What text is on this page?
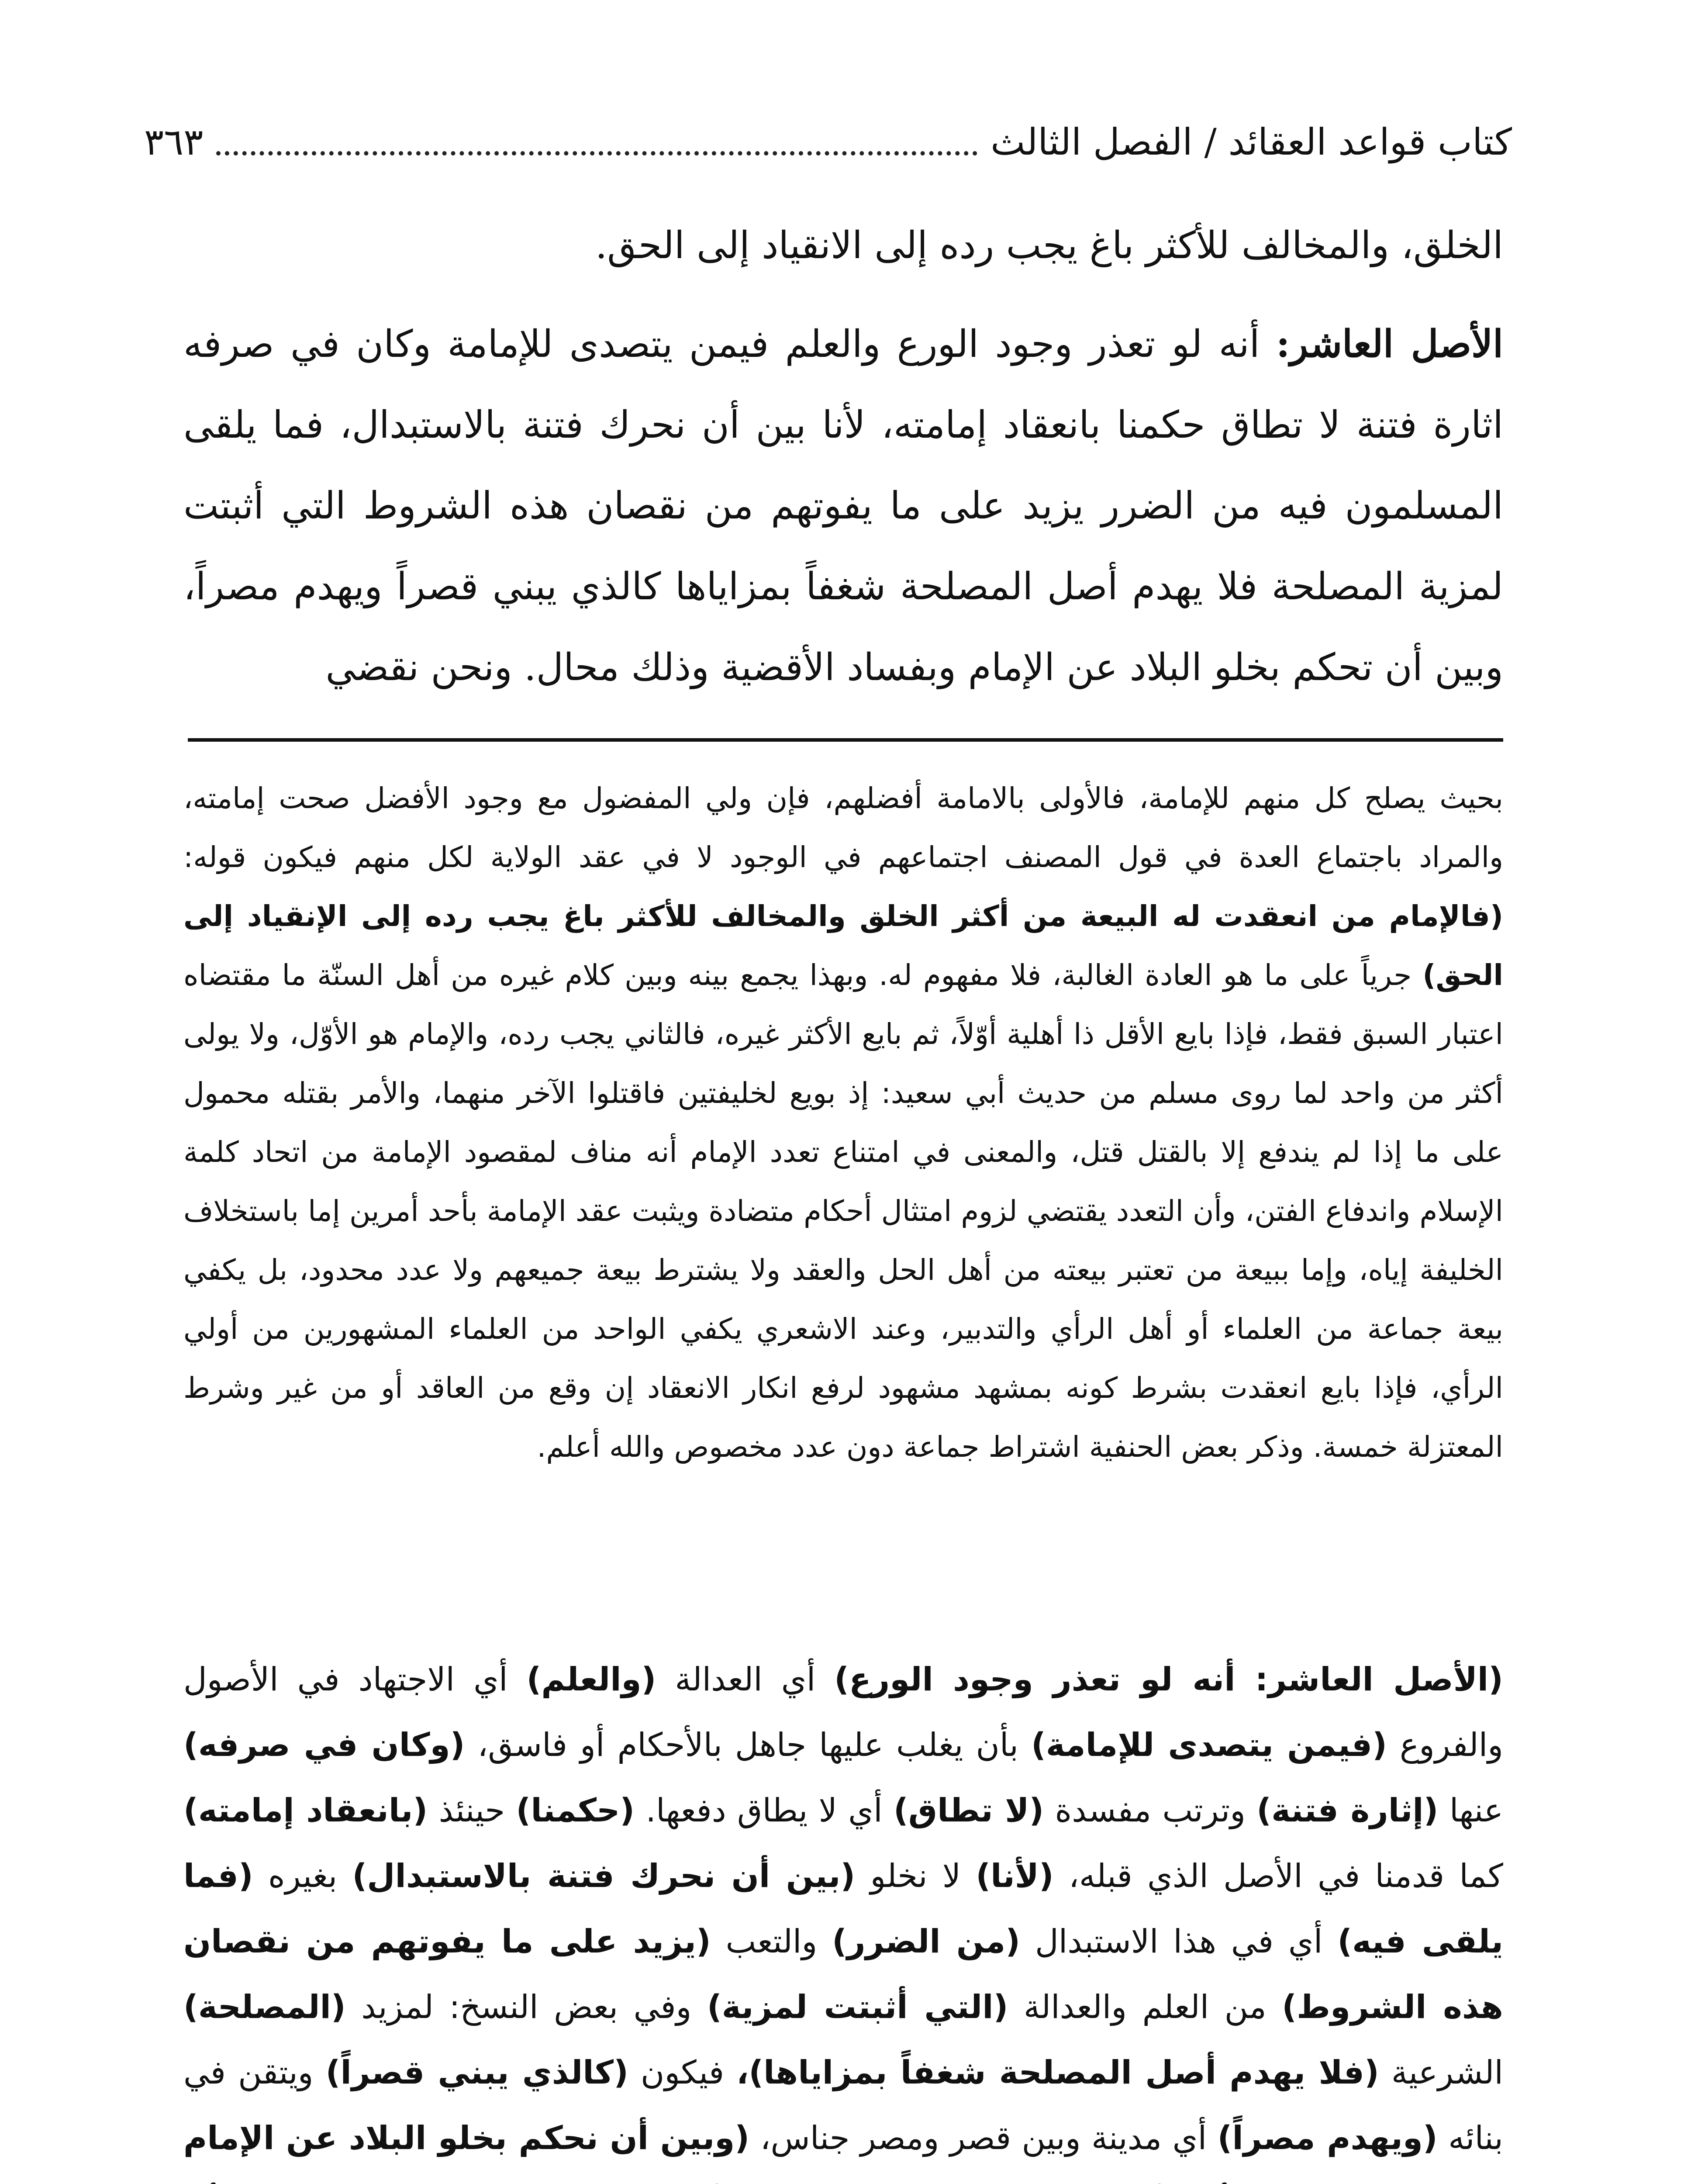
كتاب قواعد العقائد / الفصل الثالث
٣٦٣

الخلق، والمخالف للأكثر باغ يجب رده إلى الانقياد إلى الحق.

الأصل العاشر: أنه لو تعذر وجود الورع والعلم فيمن يتصدى للإمامة وكان في صرفه اثارة فتنة لا تطاق حكمنا بانعقاد إمامته، لأنا بين أن نحرك فتنة بالاستبدال، فما يلقى المسلمون فيه من الضرر يزيد على ما يفوتهم من نقصان هذه الشروط التي أثبتت لمزية المصلحة فلا يهدم أصل المصلحة شغفاً بمزاياها كالذي يبني قصراً ويهدم مصراً، وبين أن تحكم بخلو البلاد عن الإمام وبفساد الأقضية وذلك محال. ونحن نقضي

بحيث يصلح كل منهم للإمامة، فالأولى بالامامة أفضلهم، فإن ولي المفضول مع وجود الأفضل صحت إمامته، والمراد باجتماع العدة في قول المصنف اجتماعهم في الوجود لا في عقد الولاية لكل منهم فيكون قوله: (فالإمام من انعقدت له البيعة من أكثر الخلق والمخالف للأكثر باغ يجب رده إلى الإنقياد إلى الحق) جرياً على ما هو العادة الغالبة، فلا مفهوم له. وبهذا يجمع بينه وبين كلام غيره من أهل السنّة ما مقتضاه اعتبار السبق فقط، فإذا بايع الأقل ذا أهلية أوّلاً، ثم بايع الأكثر غيره، فالثاني يجب رده، والإمام هو الأوّل، ولا يولى أكثر من واحد لما روى مسلم من حديث أبي سعيد: إذ بويع لخليفتين فاقتلوا الآخر منهما، والأمر بقتله محمول على ما إذا لم يندفع إلا بالقتل قتل، والمعنى في امتناع تعدد الإمام أنه مناف لمقصود الإمامة من اتحاد كلمة الإسلام واندفاع الفتن، وأن التعدد يقتضي لزوم امتثال أحكام متضادة ويثبت عقد الإمامة بأحد أمرين إما باستخلاف الخليفة إياه، وإما ببيعة من تعتبر بيعته من أهل الحل والعقد ولا يشترط بيعة جميعهم ولا عدد محدود، بل يكفي بيعة جماعة من العلماء أو أهل الرأي والتدبير، وعند الاشعري يكفي الواحد من العلماء المشهورين من أولي الرأي، فإذا بايع انعقدت بشرط كونه بمشهد مشهود لرفع انكار الانعقاد إن وقع من العاقد أو من غير وشرط المعتزلة خمسة. وذكر بعض الحنفية اشتراط جماعة دون عدد مخصوص والله أعلم.

(الأصل العاشر: أنه لو تعذر وجود الورع) أي العدالة (والعلم) أي الاجتهاد في الأصول والفروع (فيمن يتصدى للإمامة) بأن يغلب عليها جاهل بالأحكام أو فاسق، (وكان في صرفه) عنها (إثارة فتنة) وترتب مفسدة (لا تطاق) أي لا يطاق دفعها. (حكمنا) حينئذ (بانعقاد إمامته) كما قدمنا في الأصل الذي قبله، (لأنا) لا نخلو (بين أن نحرك فتنة بالاستبدال) بغيره (فما يلقى فيه) أي في هذا الاستبدال (من الضرر) والتعب (يزيد على ما يفوتهم من نقصان هذه الشروط) من العلم والعدالة (التي أثبتت لمزية) وفي بعض النسخ: لمزيد (المصلحة) الشرعية (فلا يهدم أصل المصلحة شغفاً بمزاياها)، فيكون (كالذي يبني قصراً) ويتقن في بنائه (ويهدم مصراً) أي مدينة وبين قصر ومصر جناس، (وبين أن نحكم بخلو البلاد عن الإمام
